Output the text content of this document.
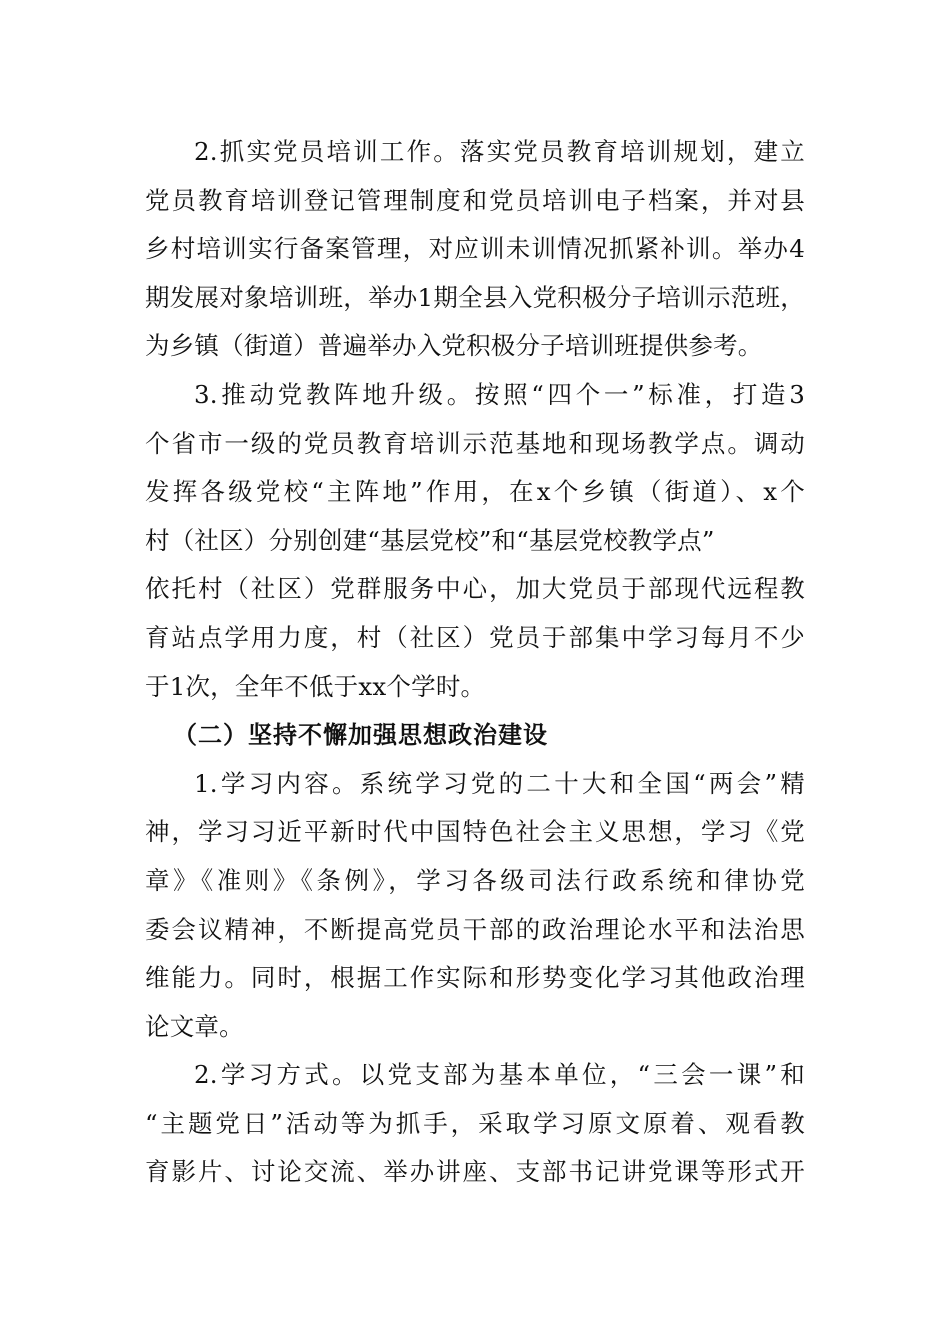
2.抓实党员培训工作。落实党员教育培训规划，建立
党员教育培训登记管理制度和党员培训电子档案，并对县
乡村培训实行备案管理，对应训未训情况抓紧补训。举办4
期发展对象培训班，举办1期全县入党积极分子培训示范班，
为乡镇（街道）普遍举办入党积极分子培训班提供参考。

3.推动党教阵地升级。按照“四个一”标准，打造3
个省市一级的党员教育培训示范基地和现场教学点。调动
发挥各级党校“主阵地”作用，在x个乡镇（街道）、x个
村（社区）分别创建“基层党校”和“基层党校教学点”
依托村（社区）党群服务中心，加大党员于部现代远程教
育站点学用力度，村（社区）党员于部集中学习每月不少
于1次，全年不低于xx个学时。

（二）坚持不懈加强思想政治建设

1.学习内容。系统学习党的二十大和全国“两会”精
神，学习习近平新时代中国特色社会主义思想，学习《党
章》《准则》《条例》，学习各级司法行政系统和律协党
委会议精神，不断提高党员干部的政治理论水平和法治思
维能力。同时，根据工作实际和形势变化学习其他政治理
论文章。

2.学习方式。以党支部为基本单位，“三会一课”和
“主题党日”活动等为抓手，采取学习原文原着、观看教
育影片、讨论交流、举办讲座、支部书记讲党课等形式开
